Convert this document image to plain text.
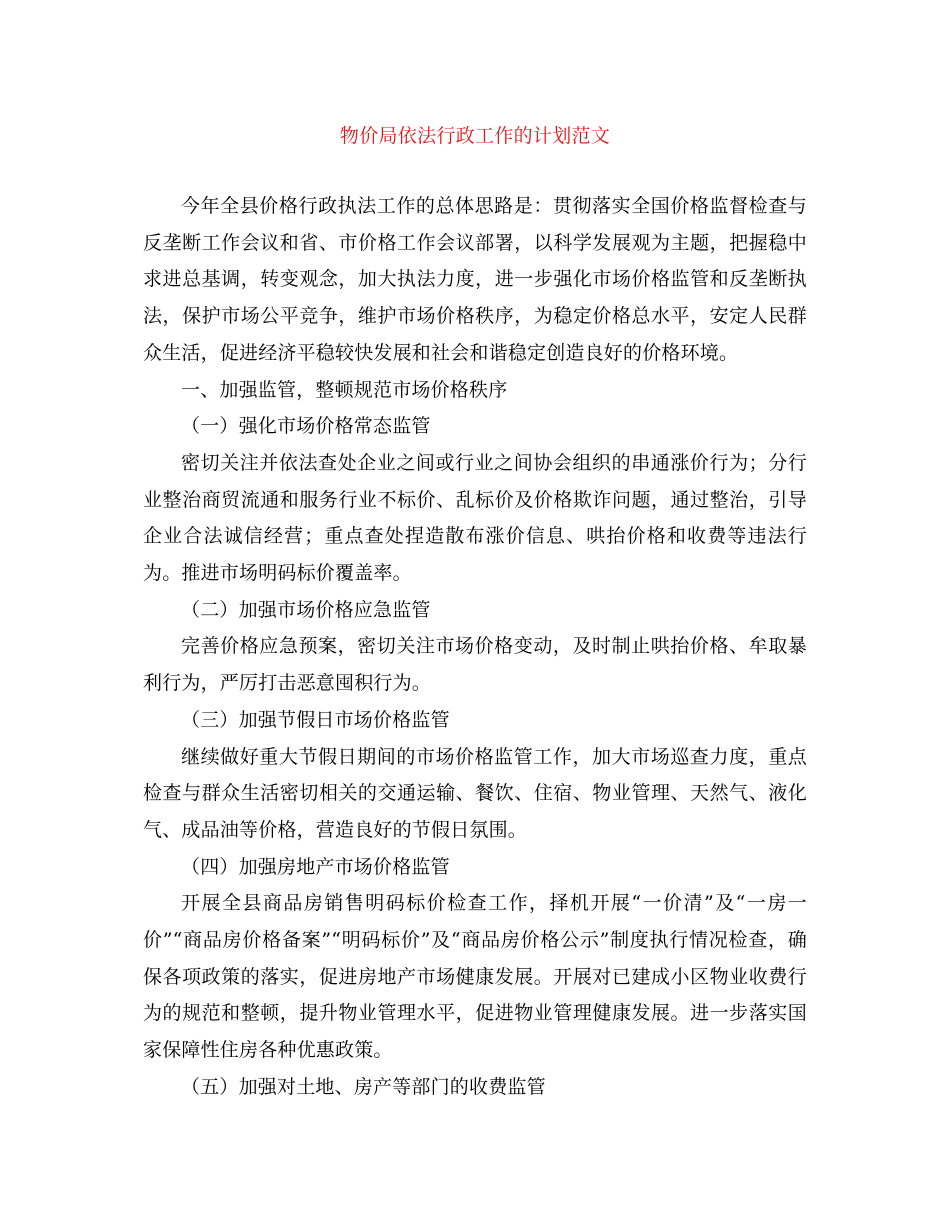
物价局依法行政工作的计划范文

今年全县价格行政执法工作的总体思路是：贯彻落实全国价格监督检查与反垄断工作会议和省、市价格工作会议部署，以科学发展观为主题，把握稳中求进总基调，转变观念，加大执法力度，进一步强化市场价格监管和反垄断执法，保护市场公平竞争，维护市场价格秩序，为稳定价格总水平，安定人民群众生活，促进经济平稳较快发展和社会和谐稳定创造良好的价格环境。

一、加强监管，整顿规范市场价格秩序

（一）强化市场价格常态监管

密切关注并依法查处企业之间或行业之间协会组织的串通涨价行为；分行业整治商贸流通和服务行业不标价、乱标价及价格欺诈问题，通过整治，引导企业合法诚信经营；重点查处捏造散布涨价信息、哄抬价格和收费等违法行为。推进市场明码标价覆盖率。

（二）加强市场价格应急监管

完善价格应急预案，密切关注市场价格变动，及时制止哄抬价格、牟取暴利行为，严厉打击恶意囤积行为。

（三）加强节假日市场价格监管

继续做好重大节假日期间的市场价格监管工作，加大市场巡查力度，重点检查与群众生活密切相关的交通运输、餐饮、住宿、物业管理、天然气、液化气、成品油等价格，营造良好的节假日氛围。

（四）加强房地产市场价格监管

开展全县商品房销售明码标价检查工作，择机开展“一价清”及“一房一价”“商品房价格备案”“明码标价”及“商品房价格公示”制度执行情况检查，确保各项政策的落实，促进房地产市场健康发展。开展对已建成小区物业收费行为的规范和整顿，提升物业管理水平，促进物业管理健康发展。进一步落实国家保障性住房各种优惠政策。

（五）加强对土地、房产等部门的收费监管
